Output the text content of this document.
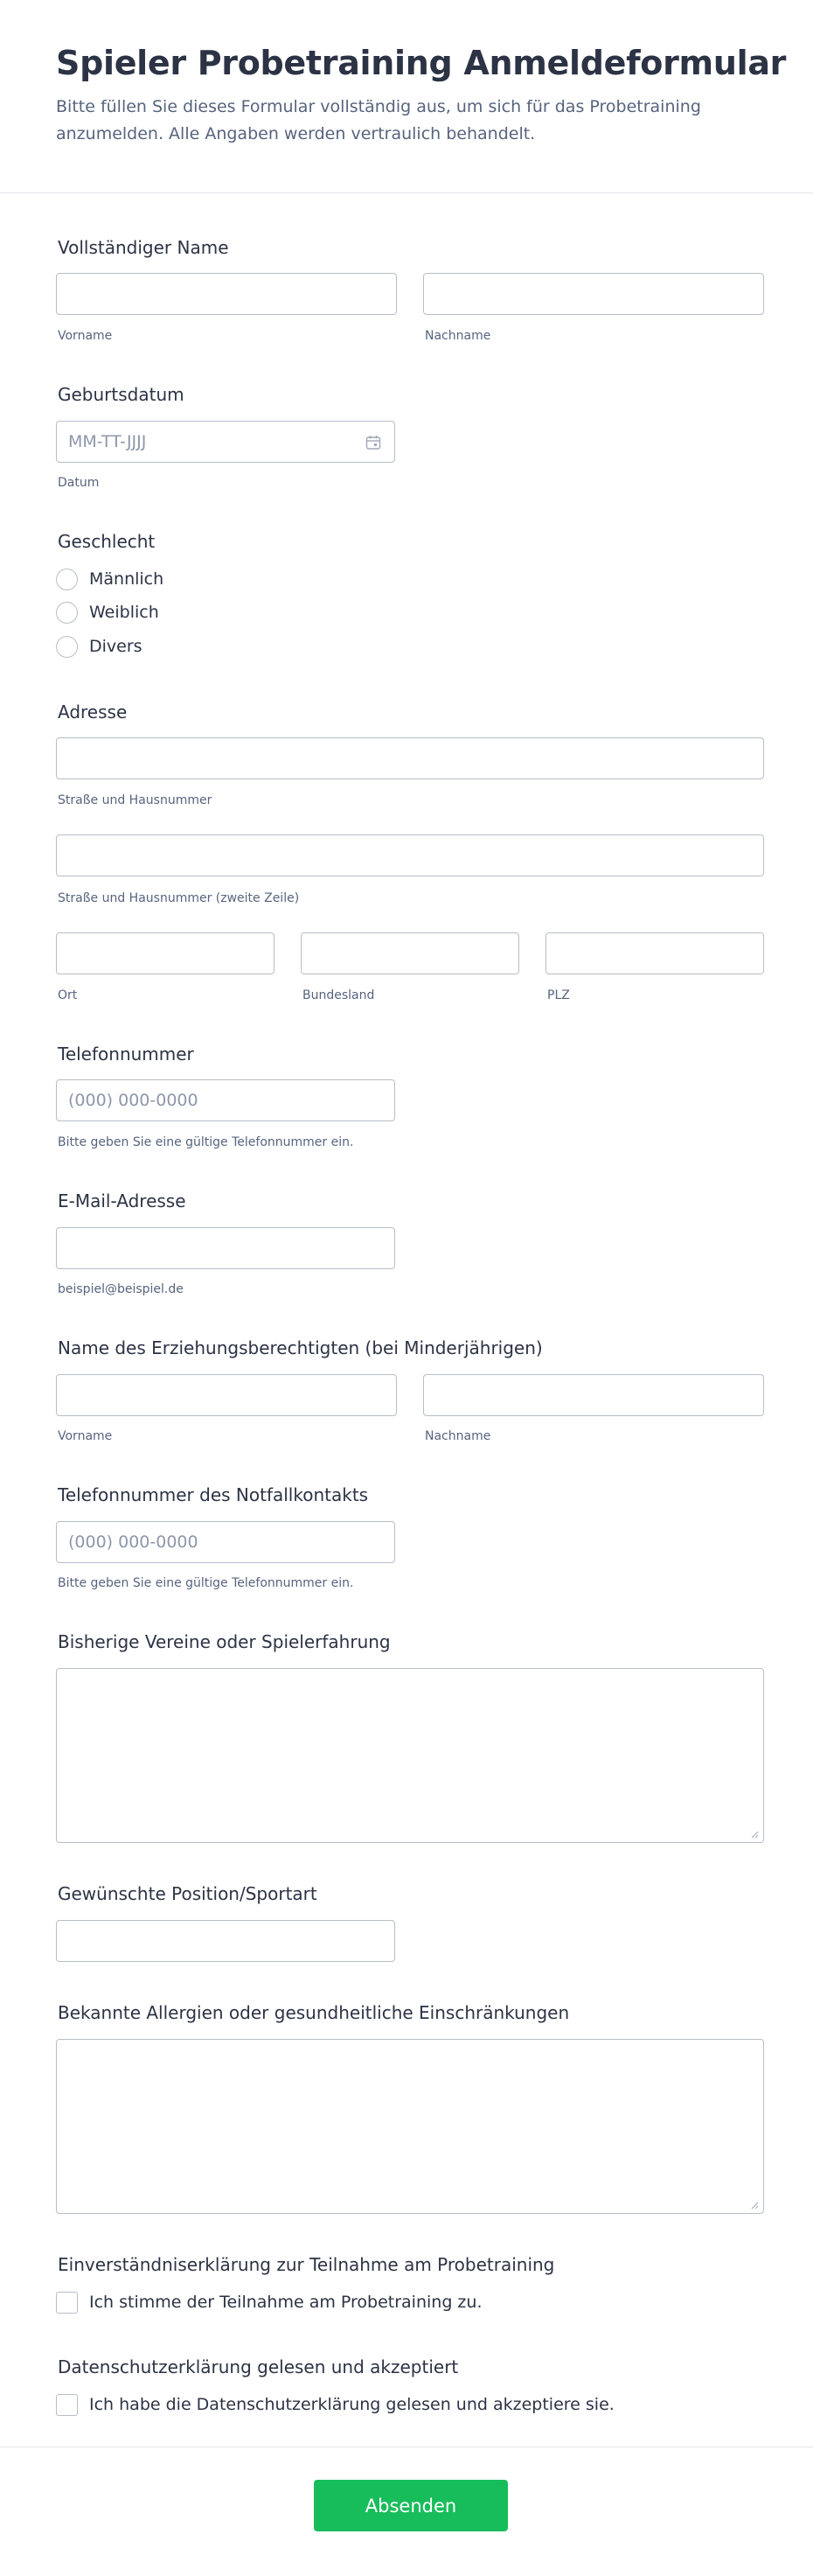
Spieler Probetraining Anmeldeformular

Bitte füllen Sie dieses Formular vollständig aus, um sich für das Probetraining anzumelden. Alle Angaben werden vertraulich behandelt.

Vollständiger Name
Vorname	Nachname
Geburtsdatum
MM-TT-JJJJ
Datum
Geschlecht
Männlich
Weiblich
Divers
Adresse
Straße und Hausnummer
Straße und Hausnummer (zweite Zeile)
Ort	Bundesland	PLZ
Telefonnummer
(000) 000-0000
Bitte geben Sie eine gültige Telefonnummer ein.
E-Mail-Adresse
beispiel@beispiel.de
Name des Erziehungsberechtigten (bei Minderjährigen)
Vorname	Nachname
Telefonnummer des Notfallkontakts
(000) 000-0000
Bitte geben Sie eine gültige Telefonnummer ein.
Bisherige Vereine oder Spielerfahrung
Gewünschte Position/Sportart
Bekannte Allergien oder gesundheitliche Einschränkungen
Einverständniserklärung zur Teilnahme am Probetraining
Ich stimme der Teilnahme am Probetraining zu.
Datenschutzerklärung gelesen und akzeptiert
Ich habe die Datenschutzerklärung gelesen und akzeptiere sie.
Absenden
